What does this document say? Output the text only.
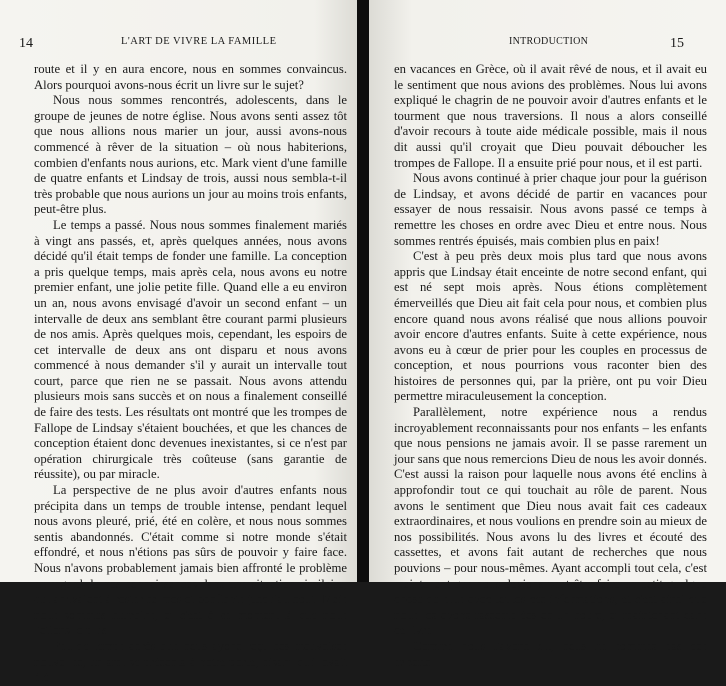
14	L'ART DE VIVRE LA FAMILLE

route et il y en aura encore, nous en sommes convaincus. Alors pourquoi avons-nous écrit un livre sur le sujet?

Nous nous sommes rencontrés, adolescents, dans le groupe de jeunes de notre église. Nous avons senti assez tôt que nous allions nous marier un jour, aussi avons-nous commencé à rêver de la situation – où nous habiterions, combien d'enfants nous aurions, etc. Mark vient d'une famille de quatre enfants et Lindsay de trois, aussi nous sembla-t-il très probable que nous aurions un jour au moins trois enfants, peut-être plus.

Le temps a passé. Nous nous sommes finalement mariés à vingt ans passés, et, après quelques années, nous avons décidé qu'il était temps de fonder une famille. La conception a pris quelque temps, mais après cela, nous avons eu notre premier enfant, une jolie petite fille. Quand elle a eu environ un an, nous avons envisagé d'avoir un second enfant – un intervalle de deux ans semblant être courant parmi plusieurs de nos amis. Après quelques mois, cependant, les espoirs de cet intervalle de deux ans ont disparu et nous avons commencé à nous demander s'il y aurait un intervalle tout court, parce que rien ne se passait. Nous avons attendu plusieurs mois sans succès et on nous a finalement conseillé de faire des tests. Les résultats ont montré que les trompes de Fallope de Lindsay s'étaient bouchées, et que les chances de conception étaient donc devenues inexistantes, si ce n'est par opération chirurgicale très coûteuse (sans garantie de réussite), ou par miracle.

La perspective de ne plus avoir d'autres enfants nous précipita dans un temps de trouble intense, pendant lequel nous avons pleuré, prié, été en colère, et nous nous sommes sentis abandonnés. C'était comme si notre monde s'était effondré, et nous n'étions pas sûrs de pouvoir y faire face. Nous n'avons probablement jamais bien affronté le problème en regard de nos connaissances dans une situation similaire, qui arrivaient à rester calmes et confiants jusqu'au bout. Mais nous sommes humains, et c'est à ce moment-là que nous l'étions le plus.

Peu de temps après que nous ayons reçu ces mauvaises nouvelles, un ami se présenta à notre porte, disant qu'il avait été

INTRODUCTION	15

en vacances en Grèce, où il avait rêvé de nous, et il avait eu le sentiment que nous avions des problèmes. Nous lui avons expliqué le chagrin de ne pouvoir avoir d'autres enfants et le tourment que nous traversions. Il nous a alors conseillé d'avoir recours à toute aide médicale possible, mais il nous dit aussi qu'il croyait que Dieu pouvait déboucher les trompes de Fallope. Il a ensuite prié pour nous, et il est parti.

Nous avons continué à prier chaque jour pour la guérison de Lindsay, et avons décidé de partir en vacances pour essayer de nous ressaisir. Nous avons passé ce temps à remettre les choses en ordre avec Dieu et entre nous. Nous sommes rentrés épuisés, mais combien plus en paix!

C'est à peu près deux mois plus tard que nous avons appris que Lindsay était enceinte de notre second enfant, qui est né sept mois après. Nous étions complètement émerveillés que Dieu ait fait cela pour nous, et combien plus encore quand nous avons réalisé que nous allions pouvoir avoir encore d'autres enfants. Suite à cette expérience, nous avons eu à cœur de prier pour les couples en processus de conception, et nous pourrions vous raconter bien des histoires de personnes qui, par la prière, ont pu voir Dieu permettre miraculeusement la conception.

Parallèlement, notre expérience nous a rendus incroyablement reconnaissants pour nos enfants – les enfants que nous pensions ne jamais avoir. Il se passe rarement un jour sans que nous remercions Dieu de nous les avoir donnés. C'est aussi la raison pour laquelle nous avons été enclins à approfondir tout ce qui touchait au rôle de parent. Nous avons le sentiment que Dieu nous avait fait ces cadeaux extraordinaires, et nous voulions en prendre soin au mieux de nos possibilités. Nous avons lu des livres et écouté des cassettes, et avons fait autant de recherches que nous pouvions – pour nous-mêmes. Ayant accompli tout cela, c'est maintenant que nous devions peut-être faire un petit quelque chose de plus avec toutes ces informations, et c'est ainsi que nous les avons rassemblées en un cours, et maintenant dans ce livre.

Comme nous l'avons dit, nous ne sommes pas des experts.
